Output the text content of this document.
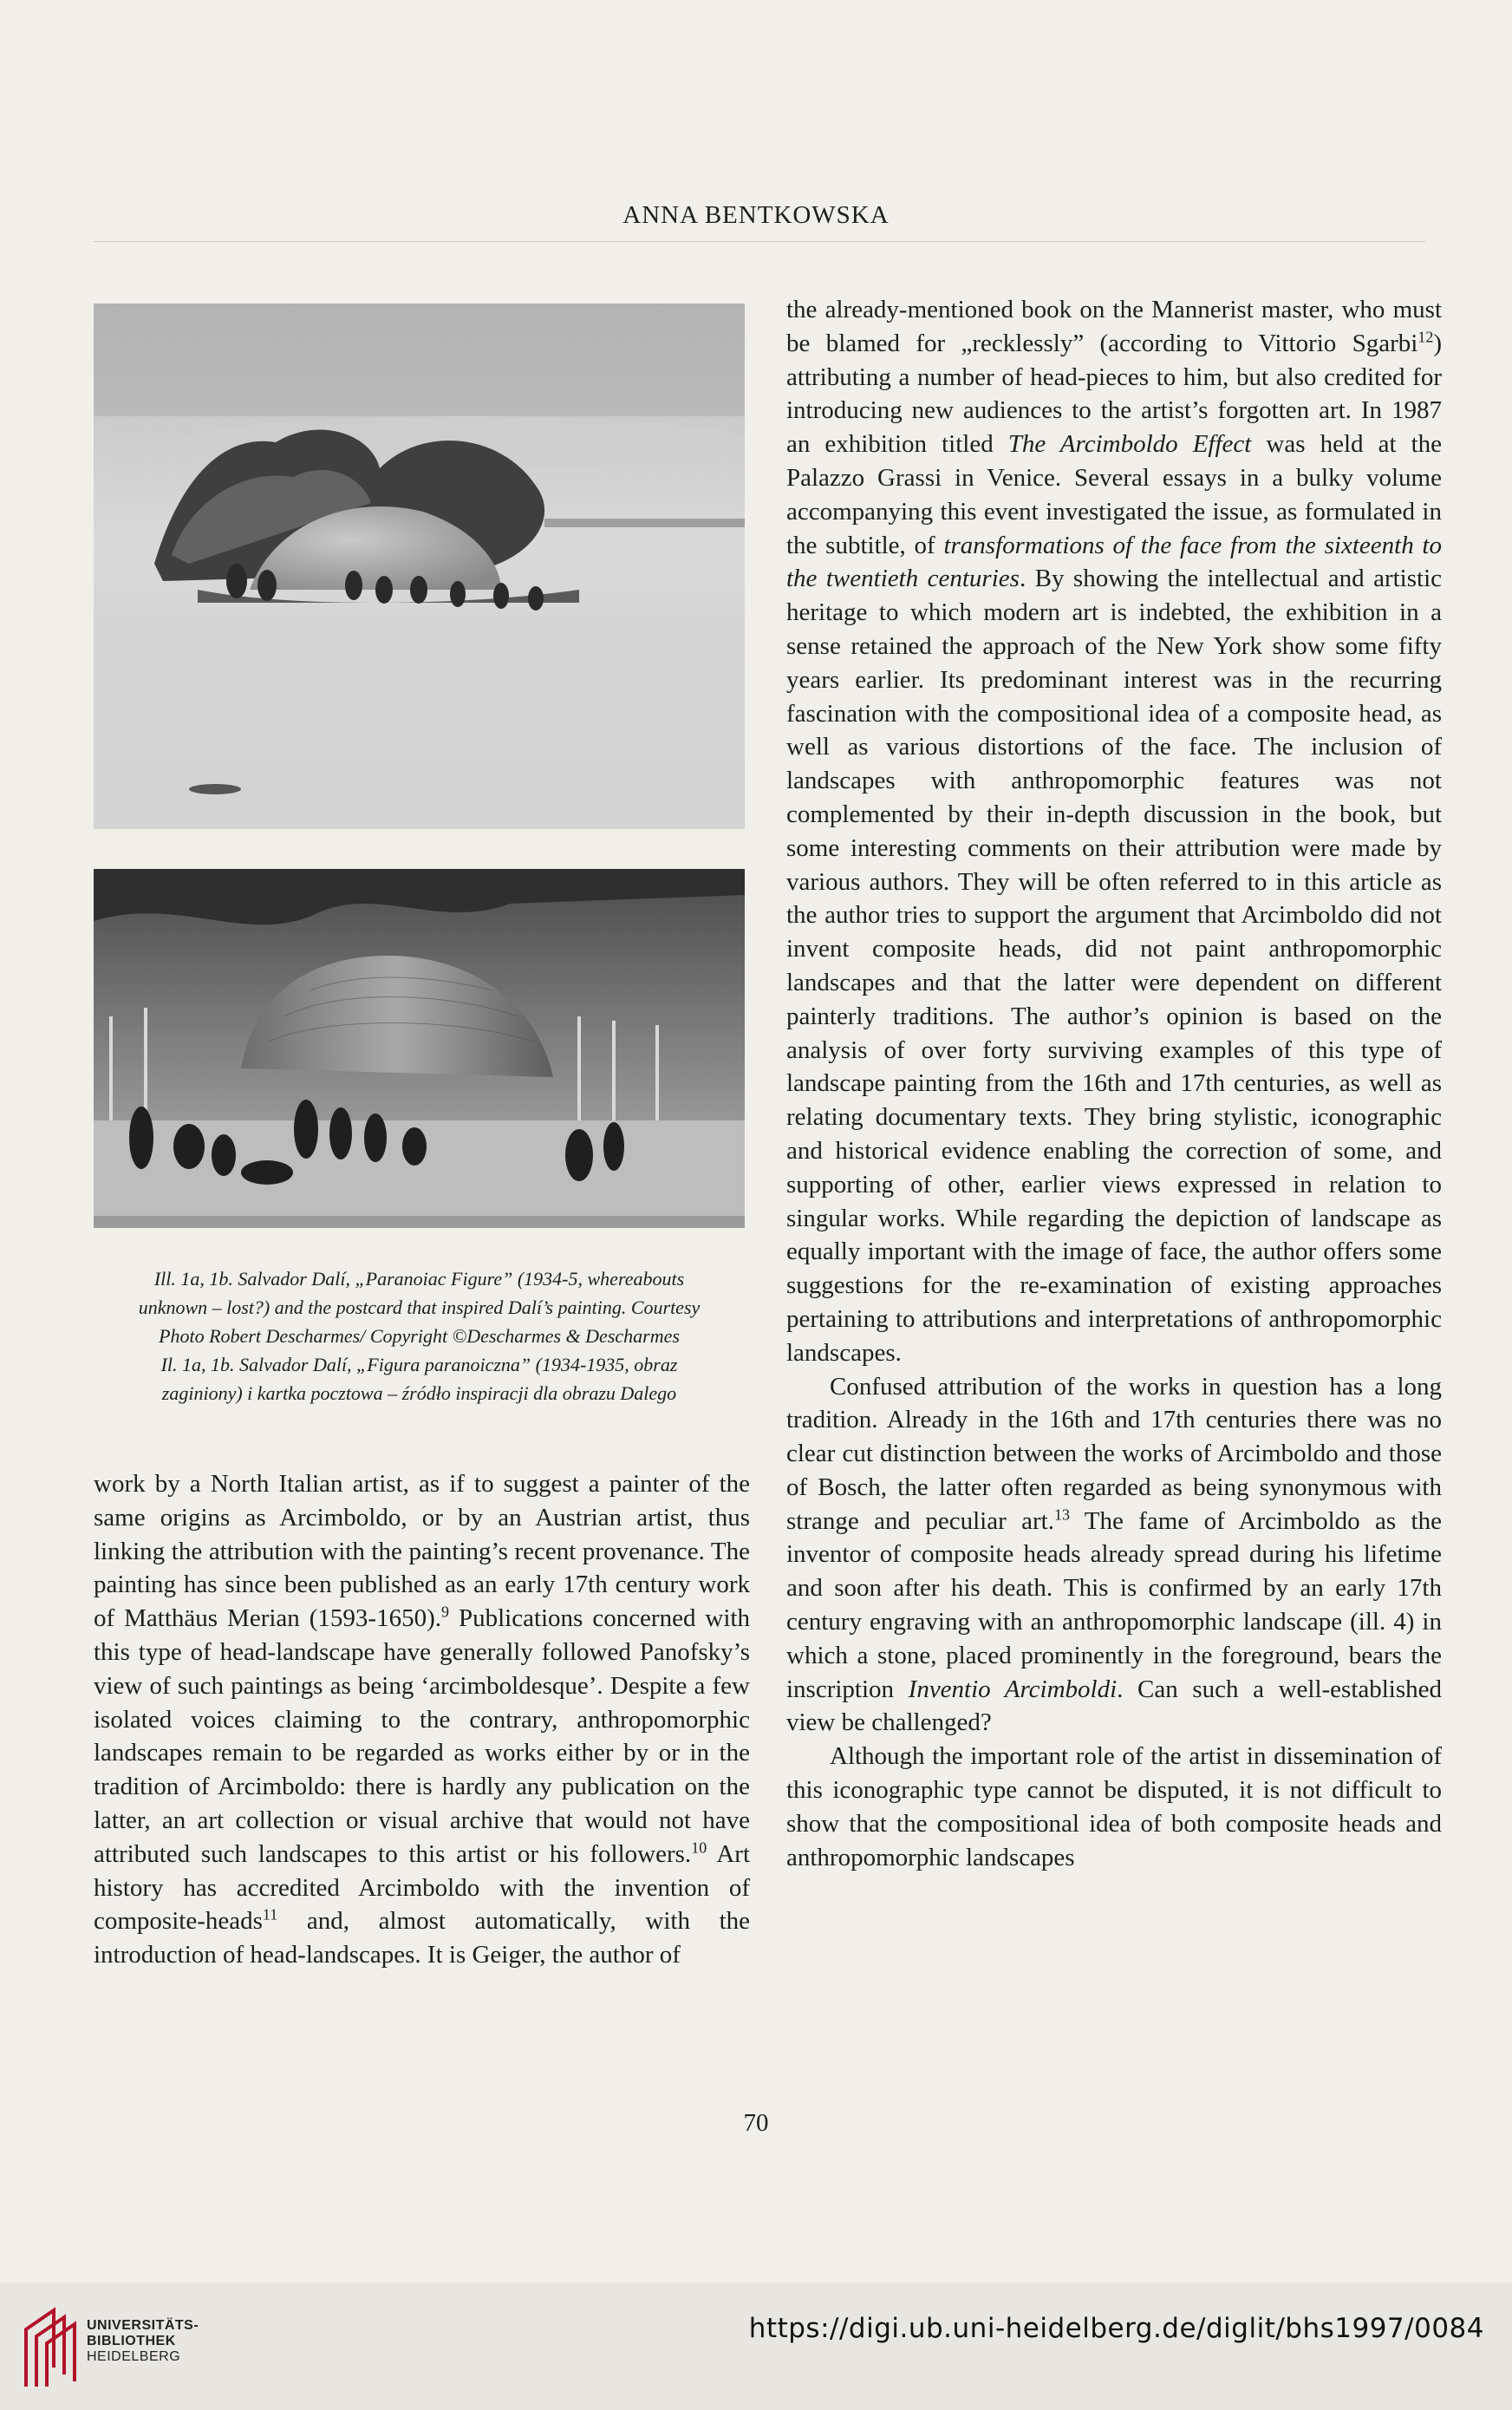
ANNA BENTKOWSKA
Ill. 1a, 1b. Salvador Dalí, „Paranoiac Figure” (1934-5, whereabouts
unknown – lost?) and the postcard that inspired Dalí’s painting. Courtesy
Photo Robert Descharmes/ Copyright ©Descharmes & Descharmes
Il. 1a, 1b. Salvador Dalí, „Figura paranoiczna” (1934-1935, obraz
zaginiony) i kartka pocztowa – źródło inspiracji dla obrazu Dalego

work by a North Italian artist, as if to suggest a painter of the same origins as Arcimboldo, or by an Austrian artist, thus linking the attribution with the painting’s recent provenance. The painting has since been published as an early 17th century work of Matthäus Merian (1593-1650).$^9$ Publications concerned with this type of head-landscape have generally followed Panofsky’s view of such paintings as being ‘arcimboldesque’. Despite a few isolated voices claiming to the contrary, anthropomorphic landscapes remain to be regarded as works either by or in the tradition of Arcimboldo: there is hardly any publication on the latter, an art collection or visual archive that would not have attributed such landscapes to this artist or his followers.$^{10}$ Art history has accredited Arcimboldo with the invention of composite-heads$^{11}$ and, almost automatically, with the introduction of head-landscapes. It is Geiger, the author of

the already-mentioned book on the Mannerist master, who must be blamed for „recklessly” (according to Vittorio Sgarbi$^{12}$) attributing a number of head-pieces to him, but also credited for introducing new audiences to the artist’s forgotten art. In 1987 an exhibition titled The Arcimboldo Effect was held at the Palazzo Grassi in Venice. Several essays in a bulky volume accompanying this event investigated the issue, as formulated in the subtitle, of transformations of the face from the sixteenth to the twentieth centuries. By showing the intellectual and artistic heritage to which modern art is indebted, the exhibition in a sense retained the approach of the New York show some fifty years earlier. Its predominant interest was in the recurring fascination with the compositional idea of a composite head, as well as various distortions of the face. The inclusion of landscapes with anthropomorphic features was not complemented by their in-depth discussion in the book, but some interesting comments on their attribution were made by various authors. They will be often referred to in this article as the author tries to support the argument that Arcimboldo did not invent composite heads, did not paint anthropomorphic landscapes and that the latter were dependent on different painterly traditions. The author’s opinion is based on the analysis of over forty surviving examples of this type of landscape painting from the 16th and 17th centuries, as well as relating documentary texts. They bring stylistic, iconographic and historical evidence enabling the correction of some, and supporting of other, earlier views expressed in relation to singular works. While regarding the depiction of landscape as equally important with the image of face, the author offers some suggestions for the re-examination of existing approaches pertaining to attributions and interpretations of anthropomorphic landscapes.

Confused attribution of the works in question has a long tradition. Already in the 16th and 17th centuries there was no clear cut distinction between the works of Arcimboldo and those of Bosch, the latter often regarded as being synonymous with strange and peculiar art.$^{13}$ The fame of Arcimboldo as the inventor of composite heads already spread during his lifetime and soon after his death. This is confirmed by an early 17th century engraving with an anthropomorphic landscape (ill. 4) in which a stone, placed prominently in the foreground, bears the inscription Inventio Arcimboldi. Can such a well-established view be challenged?

Although the important role of the artist in dissemination of this iconographic type cannot be disputed, it is not difficult to show that the compositional idea of both composite heads and anthropomorphic landscapes

70
UNIVERSITÄTS-
BIBLIOTHEK
HEIDELBERG
https://digi.ub.uni-heidelberg.de/diglit/bhs1997/0084
